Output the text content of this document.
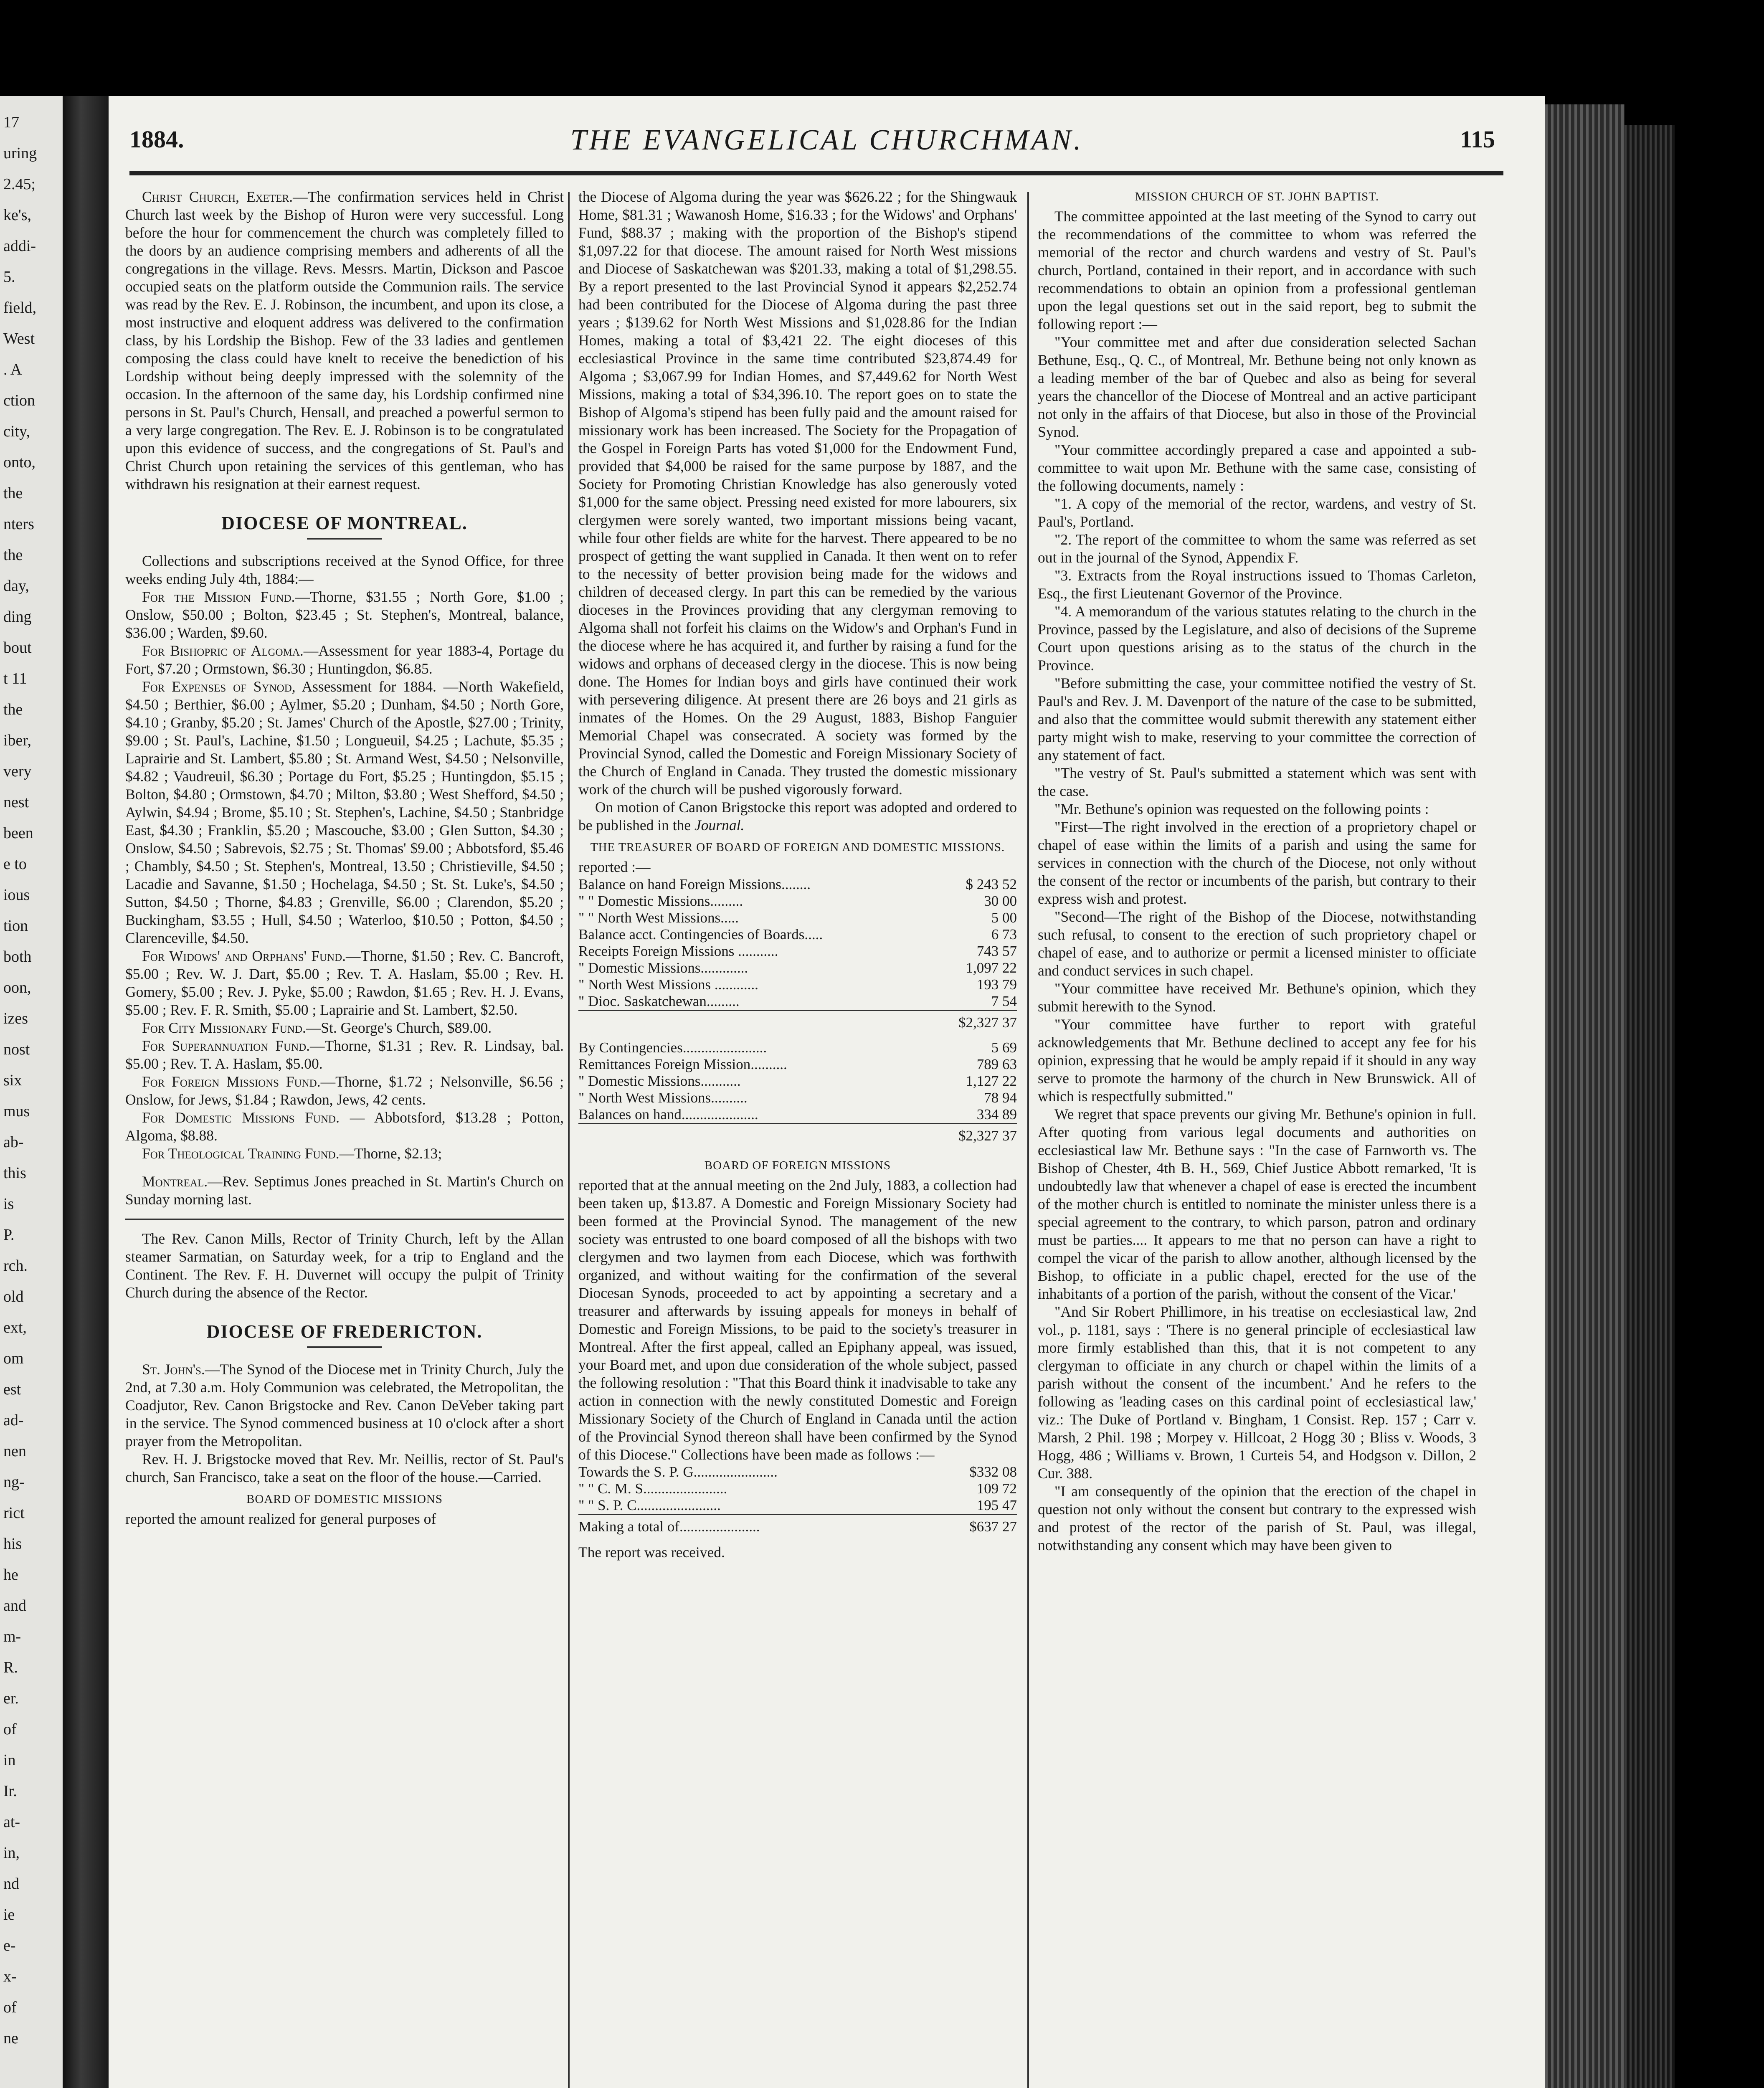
17
uring
2.45;
ke's,
addi-
5.
field,
West
. A
ction
city,
onto,
the
nters
the
day,
ding
bout
t 11
the
iber,
very
nest
been
e to
ious
tion
both
oon,
izes
nost
six
mus
ab-
this
is
P.
rch.
old
ext,
om
est
ad-
nen
ng-
rict
his
he
and
m-
R.
er.
of
in
Ir.
at-
in,
nd
ie
e-
x-
of
ne
1884.	THE EVANGELICAL CHURCHMAN.	115

Christ Church, Exeter.—The confirmation services held in Christ Church last week by the Bishop of Huron were very successful. Long before the hour for commencement the church was completely filled to the doors by an audience comprising members and adherents of all the congregations in the village. Revs. Messrs. Martin, Dickson and Pascoe occupied seats on the platform outside the Communion rails. The service was read by the Rev. E. J. Robinson, the incumbent, and upon its close, a most instructive and eloquent address was delivered to the confirmation class, by his Lordship the Bishop. Few of the 33 ladies and gentlemen composing the class could have knelt to receive the benediction of his Lordship without being deeply impressed with the solemnity of the occasion. In the afternoon of the same day, his Lordship confirmed nine persons in St. Paul's Church, Hensall, and preached a powerful sermon to a very large congregation. The Rev. E. J. Robinson is to be congratulated upon this evidence of success, and the congregations of St. Paul's and Christ Church upon retaining the services of this gentleman, who has withdrawn his resignation at their earnest request.

DIOCESE OF MONTREAL.

Collections and subscriptions received at the Synod Office, for three weeks ending July 4th, 1884:—

For the Mission Fund.—Thorne, $31.55 ; North Gore, $1.00 ; Onslow, $50.00 ; Bolton, $23.45 ; St. Stephen's, Montreal, balance, $36.00 ; Warden, $9.60.

For Bishopric of Algoma.—Assessment for year 1883-4, Portage du Fort, $7.20 ; Ormstown, $6.30 ; Huntingdon, $6.85.

For Expenses of Synod, Assessment for 1884. —North Wakefield, $4.50 ; Berthier, $6.00 ; Aylmer, $5.20 ; Dunham, $4.50 ; North Gore, $4.10 ; Granby, $5.20 ; St. James' Church of the Apostle, $27.00 ; Trinity, $9.00 ; St. Paul's, Lachine, $1.50 ; Longueuil, $4.25 ; Lachute, $5.35 ; Laprairie and St. Lambert, $5.80 ; St. Armand West, $4.50 ; Nelsonville, $4.82 ; Vaudreuil, $6.30 ; Portage du Fort, $5.25 ; Huntingdon, $5.15 ; Bolton, $4.80 ; Ormstown, $4.70 ; Milton, $3.80 ; West Shefford, $4.50 ; Aylwin, $4.94 ; Brome, $5.10 ; St. Stephen's, Lachine, $4.50 ; Stanbridge East, $4.30 ; Franklin, $5.20 ; Mascouche, $3.00 ; Glen Sutton, $4.30 ; Onslow, $4.50 ; Sabrevois, $2.75 ; St. Thomas' $9.00 ; Abbotsford, $5.46 ; Chambly, $4.50 ; St. Stephen's, Montreal, 13.50 ; Christieville, $4.50 ; Lacadie and Savanne, $1.50 ; Hochelaga, $4.50 ; St. St. Luke's, $4.50 ; Sutton, $4.50 ; Thorne, $4.83 ; Grenville, $6.00 ; Clarendon, $5.20 ; Buckingham, $3.55 ; Hull, $4.50 ; Waterloo, $10.50 ; Potton, $4.50 ; Clarenceville, $4.50.

For Widows' and Orphans' Fund.—Thorne, $1.50 ; Rev. C. Bancroft, $5.00 ; Rev. W. J. Dart, $5.00 ; Rev. T. A. Haslam, $5.00 ; Rev. H. Gomery, $5.00 ; Rev. J. Pyke, $5.00 ; Rawdon, $1.65 ; Rev. H. J. Evans, $5.00 ; Rev. F. R. Smith, $5.00 ; Laprairie and St. Lambert, $2.50.

For City Missionary Fund.—St. George's Church, $89.00.

For Superannuation Fund.—Thorne, $1.31 ; Rev. R. Lindsay, bal. $5.00 ; Rev. T. A. Haslam, $5.00.

For Foreign Missions Fund.—Thorne, $1.72 ; Nelsonville, $6.56 ; Onslow, for Jews, $1.84 ; Rawdon, Jews, 42 cents.

For Domestic Missions Fund. — Abbotsford, $13.28 ; Potton, Algoma, $8.88.

For Theological Training Fund.—Thorne, $2.13;

Montreal.—Rev. Septimus Jones preached in St. Martin's Church on Sunday morning last.

The Rev. Canon Mills, Rector of Trinity Church, left by the Allan steamer Sarmatian, on Saturday week, for a trip to England and the Continent. The Rev. F. H. Duvernet will occupy the pulpit of Trinity Church during the absence of the Rector.

DIOCESE OF FREDERICTON.

St. John's.—The Synod of the Diocese met in Trinity Church, July the 2nd, at 7.30 a.m. Holy Communion was celebrated, the Metropolitan, the Coadjutor, Rev. Canon Brigstocke and Rev. Canon DeVeber taking part in the service. The Synod commenced business at 10 o'clock after a short prayer from the Metropolitan.

Rev. H. J. Brigstocke moved that Rev. Mr. Neillis, rector of St. Paul's church, San Francisco, take a seat on the floor of the house.—Carried.

BOARD OF DOMESTIC MISSIONS

reported the amount realized for general purposes of

the Diocese of Algoma during the year was $626.22 ; for the Shingwauk Home, $81.31 ; Wawanosh Home, $16.33 ; for the Widows' and Orphans' Fund, $88.37 ; making with the proportion of the Bishop's stipend $1,097.22 for that diocese. The amount raised for North West missions and Diocese of Saskatchewan was $201.33, making a total of $1,298.55. By a report presented to the last Provincial Synod it appears $2,252.74 had been contributed for the Diocese of Algoma during the past three years ; $139.62 for North West Missions and $1,028.86 for the Indian Homes, making a total of $3,421 22. The eight dioceses of this ecclesiastical Province in the same time contributed $23,874.49 for Algoma ; $3,067.99 for Indian Homes, and $7,449.62 for North West Missions, making a total of $34,396.10. The report goes on to state the Bishop of Algoma's stipend has been fully paid and the amount raised for missionary work has been increased. The Society for the Propagation of the Gospel in Foreign Parts has voted $1,000 for the Endowment Fund, provided that $4,000 be raised for the same purpose by 1887, and the Society for Promoting Christian Knowledge has also generously voted $1,000 for the same object. Pressing need existed for more labourers, six clergymen were sorely wanted, two important missions being vacant, while four other fields are white for the harvest. There appeared to be no prospect of getting the want supplied in Canada. It then went on to refer to the necessity of better provision being made for the widows and children of deceased clergy. In part this can be remedied by the various dioceses in the Provinces providing that any clergyman removing to Algoma shall not forfeit his claims on the Widow's and Orphan's Fund in the diocese where he has acquired it, and further by raising a fund for the widows and orphans of deceased clergy in the diocese. This is now being done. The Homes for Indian boys and girls have continued their work with persevering diligence. At present there are 26 boys and 21 girls as inmates of the Homes. On the 29 August, 1883, Bishop Fanguier Memorial Chapel was consecrated. A society was formed by the Provincial Synod, called the Domestic and Foreign Missionary Society of the Church of England in Canada. They trusted the domestic missionary work of the church will be pushed vigorously forward.

On motion of Canon Brigstocke this report was adopted and ordered to be published in the Journal.

THE TREASURER OF BOARD OF FOREIGN AND DOMESTIC MISSIONS.

reported :—

Balance on hand Foreign Missions........	$ 243 52
" " Domestic Missions.........	30 00
" " North West Missions.....	5 00
Balance acct. Contingencies of Boards.....	6 73
Receipts Foreign Missions ...........	743 57
" Domestic Missions.............	1,097 22
" North West Missions ............	193 79
" Dioc. Saskatchewan.........	7 54
	$2,327 37
By Contingencies.......................	5 69
Remittances Foreign Mission..........	789 63
" Domestic Missions...........	1,127 22
" North West Missions..........	78 94
Balances on hand.....................	334 89
	$2,327 37
BOARD OF FOREIGN MISSIONS

reported that at the annual meeting on the 2nd July, 1883, a collection had been taken up, $13.87. A Domestic and Foreign Missionary Society had been formed at the Provincial Synod. The management of the new society was entrusted to one board composed of all the bishops with two clergymen and two laymen from each Diocese, which was forthwith organized, and without waiting for the confirmation of the several Diocesan Synods, proceeded to act by appointing a secretary and a treasurer and afterwards by issuing appeals for moneys in behalf of Domestic and Foreign Missions, to be paid to the society's treasurer in Montreal. After the first appeal, called an Epiphany appeal, was issued, your Board met, and upon due consideration of the whole subject, passed the following resolution : "That this Board think it inadvisable to take any action in connection with the newly constituted Domestic and Foreign Missionary Society of the Church of England in Canada until the action of the Provincial Synod thereon shall have been confirmed by the Synod of this Diocese." Collections have been made as follows :—

Towards the S. P. G.......................	$332 08
" " C. M. S.......................	109 72
" " S. P. C.......................	195 47
Making a total of......................	$637 27

The report was received.

MISSION CHURCH OF ST. JOHN BAPTIST.

The committee appointed at the last meeting of the Synod to carry out the recommendations of the committee to whom was referred the memorial of the rector and church wardens and vestry of St. Paul's church, Portland, contained in their report, and in accordance with such recommendations to obtain an opinion from a professional gentleman upon the legal questions set out in the said report, beg to submit the following report :—

"Your committee met and after due consideration selected Sachan Bethune, Esq., Q. C., of Montreal, Mr. Bethune being not only known as a leading member of the bar of Quebec and also as being for several years the chancellor of the Diocese of Montreal and an active participant not only in the affairs of that Diocese, but also in those of the Provincial Synod.

"Your committee accordingly prepared a case and appointed a sub-committee to wait upon Mr. Bethune with the same case, consisting of the following documents, namely :

"1. A copy of the memorial of the rector, wardens, and vestry of St. Paul's, Portland.

"2. The report of the committee to whom the same was referred as set out in the journal of the Synod, Appendix F.

"3. Extracts from the Royal instructions issued to Thomas Carleton, Esq., the first Lieutenant Governor of the Province.

"4. A memorandum of the various statutes relating to the church in the Province, passed by the Legislature, and also of decisions of the Supreme Court upon questions arising as to the status of the church in the Province.

"Before submitting the case, your committee notified the vestry of St. Paul's and Rev. J. M. Davenport of the nature of the case to be submitted, and also that the committee would submit therewith any statement either party might wish to make, reserving to your committee the correction of any statement of fact.

"The vestry of St. Paul's submitted a statement which was sent with the case.

"Mr. Bethune's opinion was requested on the following points :

"First—The right involved in the erection of a proprietory chapel or chapel of ease within the limits of a parish and using the same for services in connection with the church of the Diocese, not only without the consent of the rector or incumbents of the parish, but contrary to their express wish and protest.

"Second—The right of the Bishop of the Diocese, notwithstanding such refusal, to consent to the erection of such proprietory chapel or chapel of ease, and to authorize or permit a licensed minister to officiate and conduct services in such chapel.

"Your committee have received Mr. Bethune's opinion, which they submit herewith to the Synod.

"Your committee have further to report with grateful acknowledgements that Mr. Bethune declined to accept any fee for his opinion, expressing that he would be amply repaid if it should in any way serve to promote the harmony of the church in New Brunswick. All of which is respectfully submitted."

We regret that space prevents our giving Mr. Bethune's opinion in full. After quoting from various legal documents and authorities on ecclesiastical law Mr. Bethune says : "In the case of Farnworth vs. The Bishop of Chester, 4th B. H., 569, Chief Justice Abbott remarked, 'It is undoubtedly law that whenever a chapel of ease is erected the incumbent of the mother church is entitled to nominate the minister unless there is a special agreement to the contrary, to which parson, patron and ordinary must be parties.... It appears to me that no person can have a right to compel the vicar of the parish to allow another, although licensed by the Bishop, to officiate in a public chapel, erected for the use of the inhabitants of a portion of the parish, without the consent of the Vicar.'

"And Sir Robert Phillimore, in his treatise on ecclesiastical law, 2nd vol., p. 1181, says : 'There is no general principle of ecclesiastical law more firmly established than this, that it is not competent to any clergyman to officiate in any church or chapel within the limits of a parish without the consent of the incumbent.' And he refers to the following as 'leading cases on this cardinal point of ecclesiastical law,' viz.: The Duke of Portland v. Bingham, 1 Consist. Rep. 157 ; Carr v. Marsh, 2 Phil. 198 ; Morpey v. Hillcoat, 2 Hogg 30 ; Bliss v. Woods, 3 Hogg, 486 ; Williams v. Brown, 1 Curteis 54, and Hodgson v. Dillon, 2 Cur. 388.

"I am consequently of the opinion that the erection of the chapel in question not only without the consent but contrary to the expressed wish and protest of the rector of the parish of St. Paul, was illegal, notwithstanding any consent which may have been given to
